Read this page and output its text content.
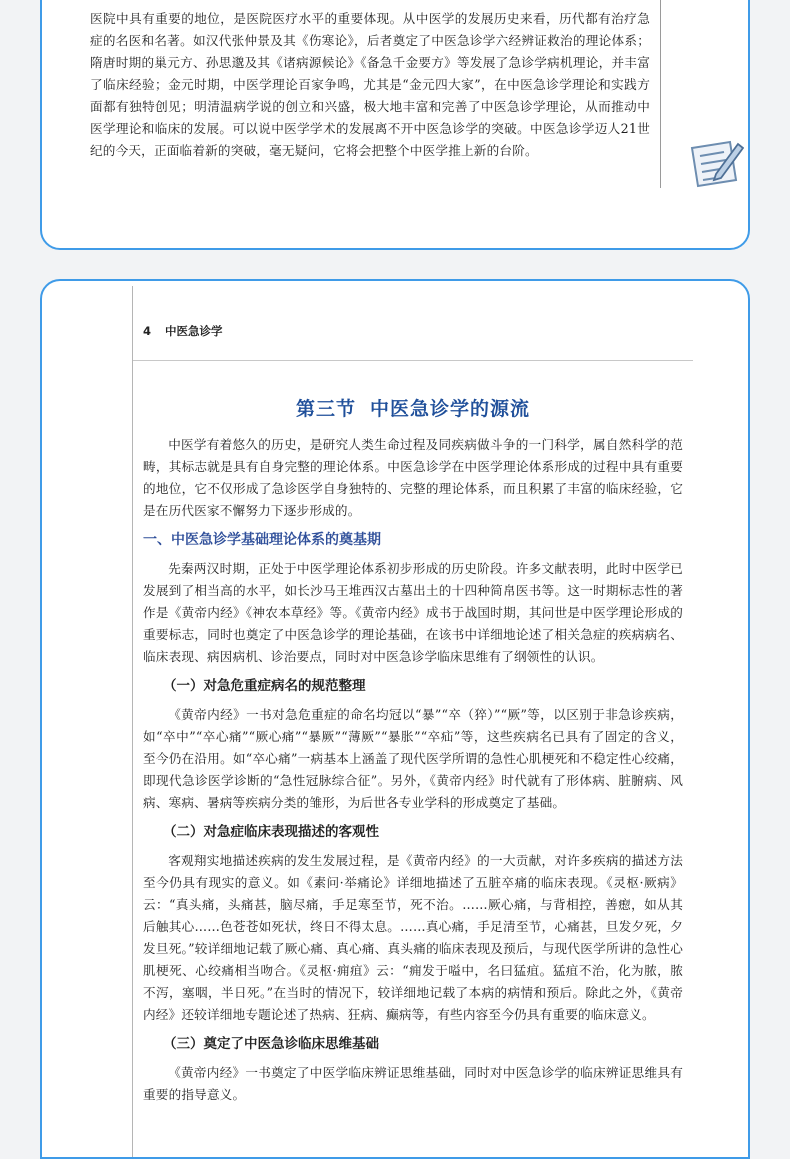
医院中具有重要的地位，是医院医疗水平的重要体现。从中医学的发展历史来看，历代都有治疗急症的名医和名著。如汉代张仲景及其《伤寒论》，后者奠定了中医急诊学六经辨证救治的理论体系；隋唐时期的巢元方、孙思邈及其《诸病源候论》《备急千金要方》等发展了急诊学病机理论，并丰富了临床经验；金元时期，中医学理论百家争鸣，尤其是“金元四大家”，在中医急诊学理论和实践方面都有独特创见；明清温病学说的创立和兴盛，极大地丰富和完善了中医急诊学理论，从而推动中医学理论和临床的发展。可以说中医学学术的发展离不开中医急诊学的突破。中医急诊学迈人21世纪的今天，正面临着新的突破，毫无疑问，它将会把整个中医学推上新的台阶。

4 中医急诊学
第三节 中医急诊学的源流

中医学有着悠久的历史，是研究人类生命过程及同疾病做斗争的一门科学，属自然科学的范畴，其标志就是具有自身完整的理论体系。中医急诊学在中医学理论体系形成的过程中具有重要的地位，它不仅形成了急诊医学自身独特的、完整的理论体系，而且积累了丰富的临床经验，它是在历代医家不懈努力下逐步形成的。

一、中医急诊学基础理论体系的奠基期

先秦两汉时期，正处于中医学理论体系初步形成的历史阶段。许多文献表明，此时中医学已发展到了相当高的水平，如长沙马王堆西汉古墓出土的十四种简帛医书等。这一时期标志性的著作是《黄帝内经》《神农本草经》等。《黄帝内经》成书于战国时期，其问世是中医学理论形成的重要标志，同时也奠定了中医急诊学的理论基础，在该书中详细地论述了相关急症的疾病病名、临床表现、病因病机、诊治要点，同时对中医急诊学临床思维有了纲领性的认识。

（一）对急危重症病名的规范整理

《黄帝内经》一书对急危重症的命名均冠以“暴”“卒（猝）”“厥”等，以区别于非急诊疾病，如“卒中”“卒心痛”“厥心痛”“暴厥”“薄厥”“暴胀”“卒疝”等，这些疾病名已具有了固定的含义，至今仍在沿用。如“卒心痛”一病基本上涵盖了现代医学所谓的急性心肌梗死和不稳定性心绞痛，即现代急诊医学诊断的“急性冠脉综合征”。另外，《黄帝内经》时代就有了形体病、脏腑病、风病、寒病、暑病等疾病分类的雏形，为后世各专业学科的形成奠定了基础。

（二）对急症临床表现描述的客观性

客观翔实地描述疾病的发生发展过程，是《黄帝内经》的一大贡献，对许多疾病的描述方法至今仍具有现实的意义。如《素问·举痛论》详细地描述了五脏卒痛的临床表现。《灵枢·厥病》云：“真头痛，头痛甚，脑尽痛，手足寒至节，死不治。……厥心痛，与背相控，善瘛，如从其后触其心……色苍苍如死状，终日不得太息。……真心痛，手足清至节，心痛甚，旦发夕死，夕发旦死。”较详细地记载了厥心痛、真心痛、真头痛的临床表现及预后，与现代医学所讲的急性心肌梗死、心绞痛相当吻合。《灵枢·痈疽》云：“痈发于嗌中，名曰猛疽。猛疽不治，化为脓，脓不泻，塞咽，半日死。”在当时的情况下，较详细地记载了本病的病情和预后。除此之外，《黄帝内经》还较详细地专题论述了热病、狂病、癫病等，有些内容至今仍具有重要的临床意义。

（三）奠定了中医急诊临床思维基础

《黄帝内经》一书奠定了中医学临床辨证思维基础，同时对中医急诊学的临床辨证思维具有重要的指导意义。
